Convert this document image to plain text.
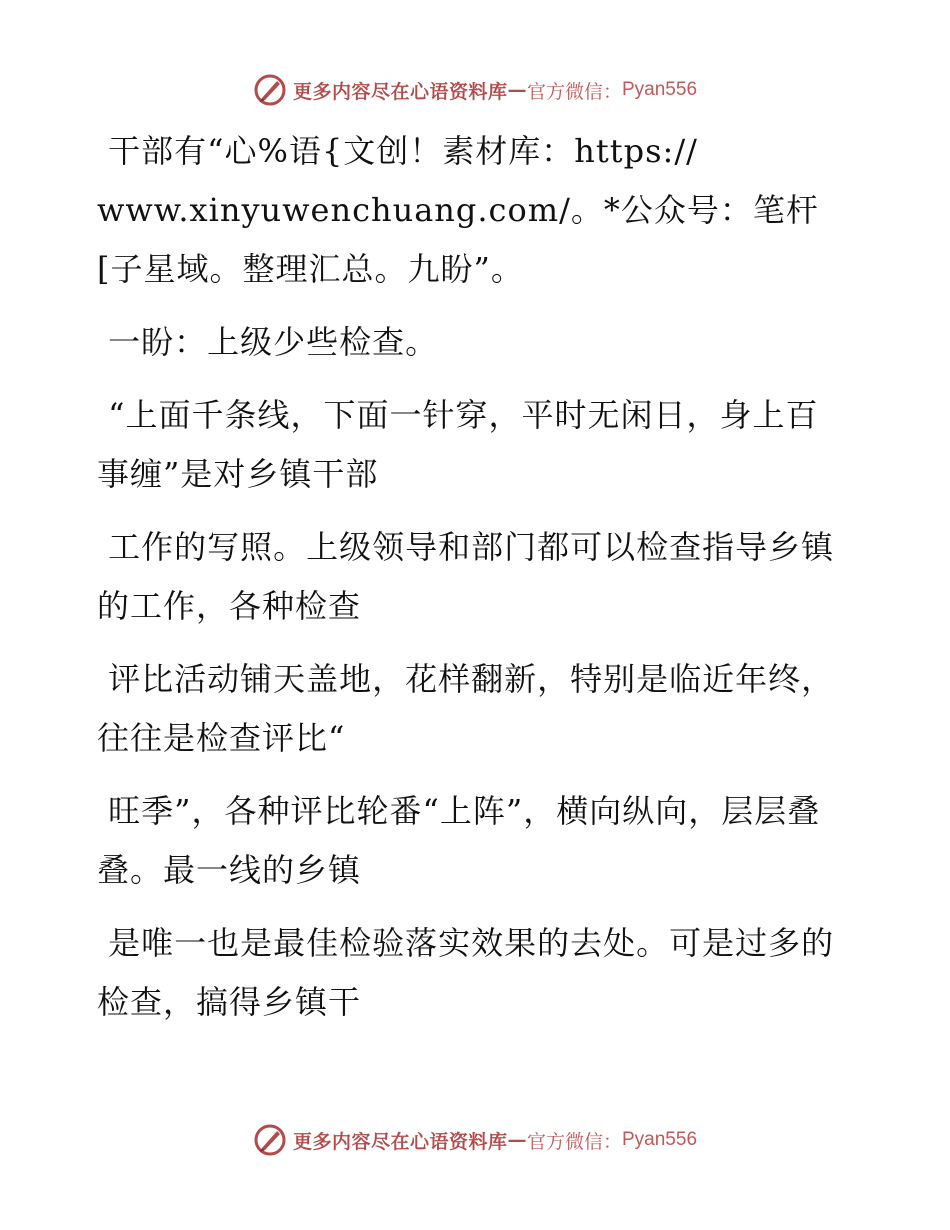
更多内容尽在心语资料库 — 官方微信： Pyan556

干部有“心%语{文创！素材库：https://
www.xinyuwenchuang.com/。*公众号：笔杆[子星域。整理汇总。九盼”。

一盼：上级少些检查。

“上面千条线，下面一针穿，平时无闲日，身上百事缠”是对乡镇干部

工作的写照。上级领导和部门都可以检查指导乡镇的工作，各种检查

评比活动铺天盖地，花样翻新，特别是临近年终，往往是检查评比“

旺季”，各种评比轮番“上阵”，横向纵向，层层叠叠。最一线的乡镇

是唯一也是最佳检验落实效果的去处。可是过多的检查，搞得乡镇干

更多内容尽在心语资料库 — 官方微信： Pyan556
